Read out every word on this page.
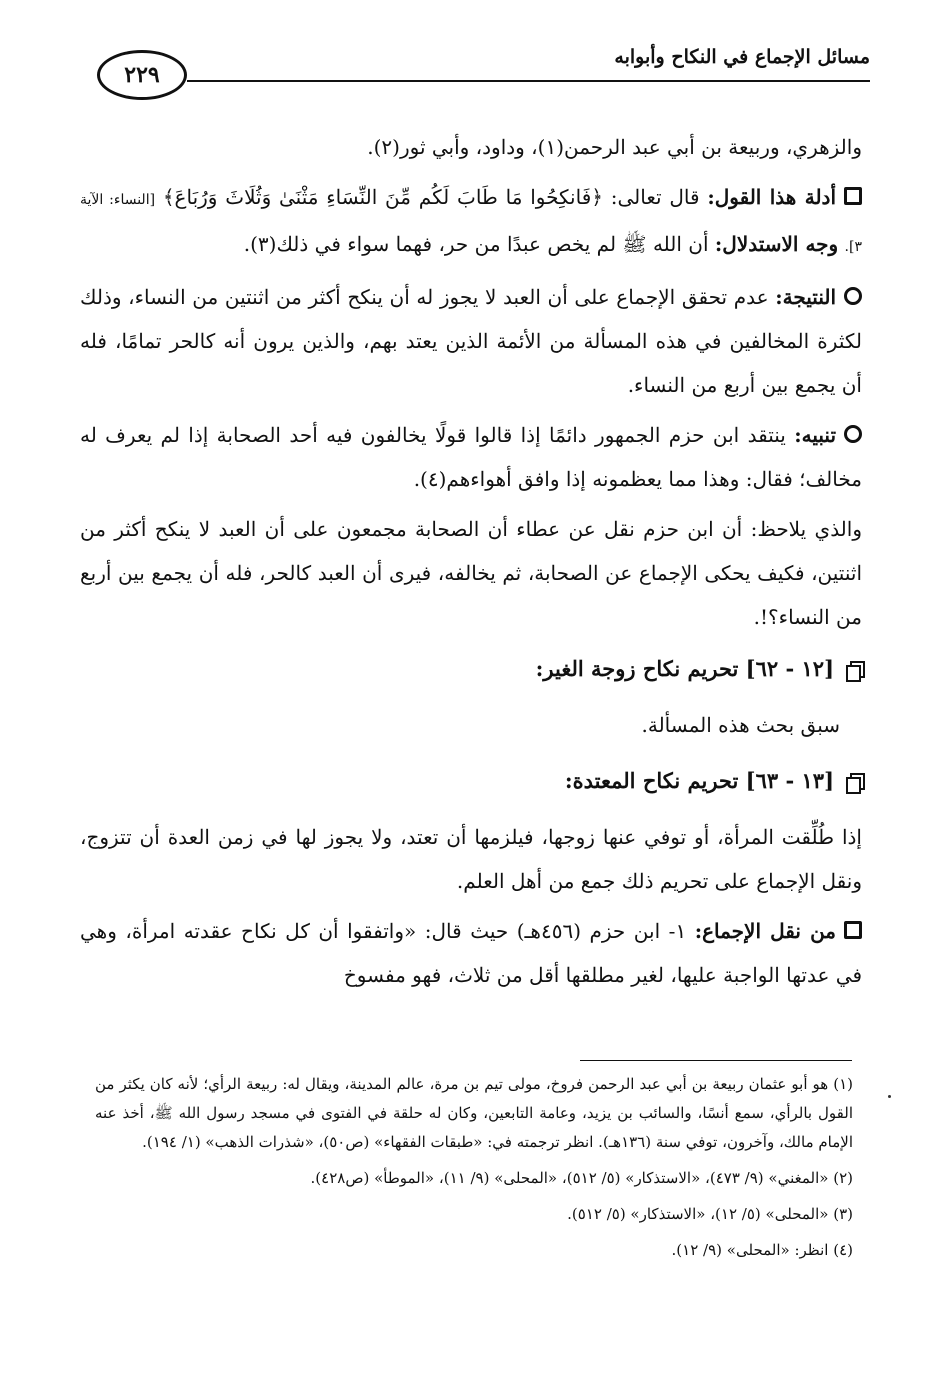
مسائل الإجماع في النكاح وأبوابه
٢٢٩

والزهري، وربيعة بن أبي عبد الرحمن(١)، وداود، وأبي ثور(٢).

أدلة هذا القول: قال تعالى: ﴿فَانكِحُوا مَا طَابَ لَكُم مِّنَ النِّسَاءِ مَثْنَىٰ وَثُلَاثَ وَرُبَاعَ﴾ [النساء: الآية ٣]. وجه الاستدلال: أن الله ﷺ لم يخص عبدًا من حر، فهما سواء في ذلك(٣).

النتيجة: عدم تحقق الإجماع على أن العبد لا يجوز له أن ينكح أكثر من اثنتين من النساء، وذلك لكثرة المخالفين في هذه المسألة من الأئمة الذين يعتد بهم، والذين يرون أنه كالحر تمامًا، فله أن يجمع بين أربع من النساء.

تنبيه: ينتقد ابن حزم الجمهور دائمًا إذا قالوا قولًا يخالفون فيه أحد الصحابة إذا لم يعرف له مخالف؛ فقال: وهذا مما يعظمونه إذا وافق أهواءهم(٤).

والذي يلاحظ: أن ابن حزم نقل عن عطاء أن الصحابة مجمعون على أن العبد لا ينكح أكثر من اثنتين، فكيف يحكى الإجماع عن الصحابة، ثم يخالفه، فيرى أن العبد كالحر، فله أن يجمع بين أربع من النساء؟!.

[١٢ - ٦٢] تحريم نكاح زوجة الغير:

سبق بحث هذه المسألة.

[١٣ - ٦٣] تحريم نكاح المعتدة:

إذا طُلِّقت المرأة، أو توفي عنها زوجها، فيلزمها أن تعتد، ولا يجوز لها في زمن العدة أن تتزوج، ونقل الإجماع على تحريم ذلك جمع من أهل العلم.

من نقل الإجماع: ١- ابن حزم (٤٥٦هـ) حيث قال: «واتفقوا أن كل نكاح عقدته امرأة، وهي في عدتها الواجبة عليها، لغير مطلقها أقل من ثلاث، فهو مفسوخ

(١) هو أبو عثمان ربيعة بن أبي عبد الرحمن فروخ، مولى تيم بن مرة، عالم المدينة، ويقال له: ربيعة الرأي؛ لأنه كان يكثر من القول بالرأي، سمع أنسًا، والسائب بن يزيد، وعامة التابعين، وكان له حلقة في الفتوى في مسجد رسول الله ﷺ، أخذ عنه الإمام مالك، وآخرون، توفي سنة (١٣٦هـ). انظر ترجمته في: «طبقات الفقهاء» (ص٥٠)، «شذرات الذهب» (١/ ١٩٤).

(٢) «المغني» (٩/ ٤٧٣)، «الاستذكار» (٥/ ٥١٢)، «المحلى» (٩/ ١١)، «الموطأ» (ص٤٢٨).

(٣) «المحلى» (٥/ ١٢)، «الاستذكار» (٥/ ٥١٢).

(٤) انظر: «المحلى» (٩/ ١٢).
